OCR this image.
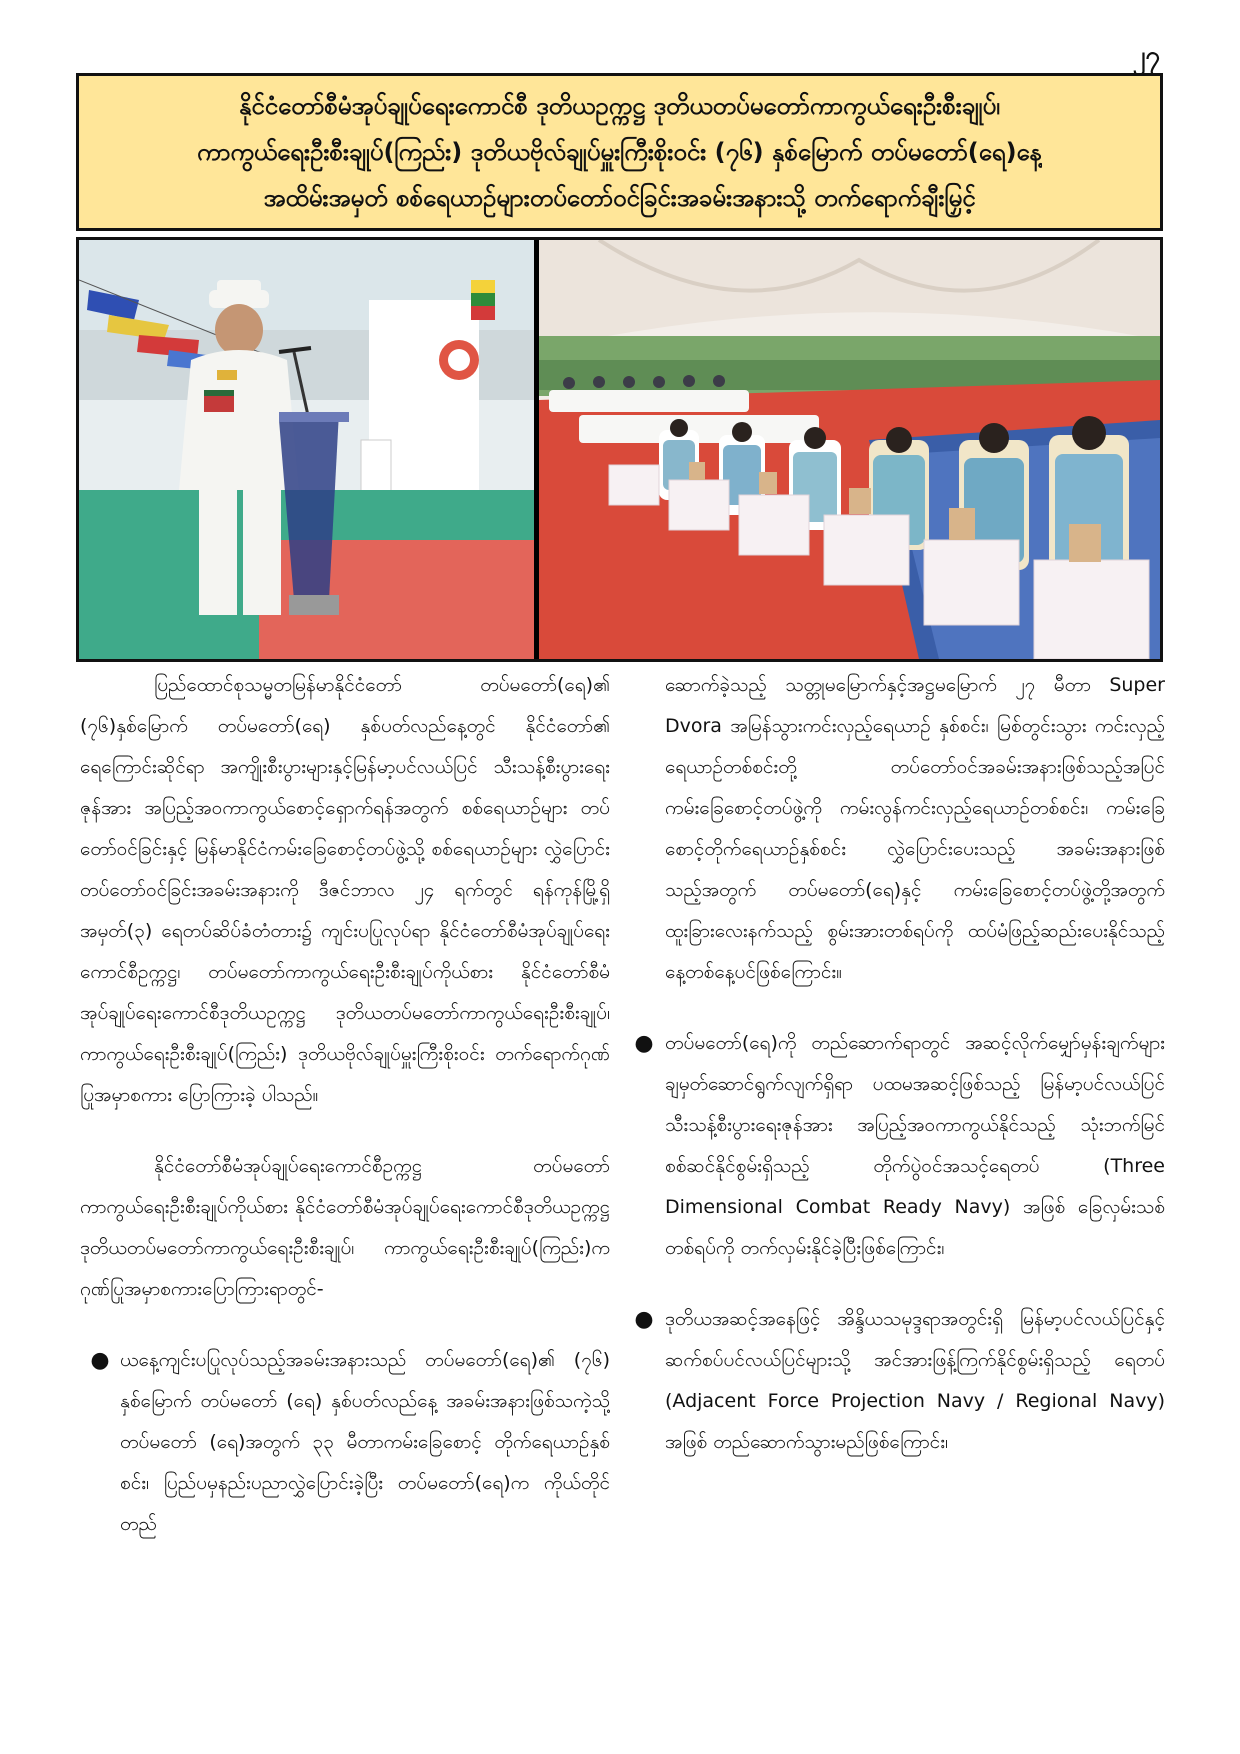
၂၇
နိုင်ငံတော်စီမံအုပ်ချုပ်ရေးကောင်စီ ဒုတိယဥက္ကဋ္ဌ ဒုတိယတပ်မတော်ကာကွယ်ရေးဦးစီးချုပ်၊
ကာကွယ်ရေးဦးစီးချုပ်(ကြည်း) ဒုတိယဗိုလ်ချုပ်မှူးကြီးစိုးဝင်း (၇၆) နှစ်မြောက် တပ်မတော်(ရေ)နေ့
အထိမ်းအမှတ် စစ်ရေယာဉ်များတပ်တော်ဝင်ခြင်းအခမ်းအနားသို့ တက်ရောက်ချီးမြှင့်

ပြည်ထောင်စုသမ္မတမြန်မာနိုင်ငံတော် တပ်မတော်(ရေ)၏ (၇၆)နှစ်မြောက် တပ်မတော်(ရေ) နှစ်ပတ်လည်နေ့တွင် နိုင်ငံတော်၏ ရေကြောင်းဆိုင်ရာ အကျိုးစီးပွားများနှင့်မြန်မာ့ပင်လယ်ပြင် သီးသန့်စီးပွားရေးဇုန်အား အပြည့်အဝကာကွယ်စောင့်ရှောက်ရန်အတွက် စစ်ရေယာဉ်များ တပ်တော်ဝင်ခြင်းနှင့် မြန်မာနိုင်ငံကမ်းခြေစောင့်တပ်ဖွဲ့သို့ စစ်ရေယာဉ်များ လွှဲပြောင်းတပ်တော်ဝင်ခြင်းအခမ်းအနားကို ဒီဇင်ဘာလ ၂၄ ရက်တွင် ရန်ကုန်မြို့ရှိ အမှတ်(၃) ရေတပ်ဆိပ်ခံတံတား၌ ကျင်းပပြုလုပ်ရာ နိုင်ငံတော်စီမံအုပ်ချုပ်ရေးကောင်စီဥက္ကဋ္ဌ၊ တပ်မတော်ကာကွယ်ရေးဦးစီးချုပ်ကိုယ်စား နိုင်ငံတော်စီမံအုပ်ချုပ်ရေးကောင်စီဒုတိယဥက္ကဋ္ဌ ဒုတိယတပ်မတော်ကာကွယ်ရေးဦးစီးချုပ်၊ ကာကွယ်ရေးဦးစီးချုပ်(ကြည်း) ဒုတိယဗိုလ်ချုပ်မှူးကြီးစိုးဝင်း တက်ရောက်ဂုဏ်ပြုအမှာစကား ပြောကြားခဲ့ ပါသည်။

နိုင်ငံတော်စီမံအုပ်ချုပ်ရေးကောင်စီဥက္ကဋ္ဌ တပ်မတော်ကာကွယ်ရေးဦးစီးချုပ်ကိုယ်စား နိုင်ငံတော်စီမံအုပ်ချုပ်ရေးကောင်စီဒုတိယဥက္ကဋ္ဌ ဒုတိယတပ်မတော်ကာကွယ်ရေးဦးစီးချုပ်၊ ကာကွယ်ရေးဦးစီးချုပ်(ကြည်း)က ဂုဏ်ပြုအမှာစကားပြောကြားရာတွင်-

● ယနေ့ကျင်းပပြုလုပ်သည့်အခမ်းအနားသည် တပ်မတော်(ရေ)၏ (၇၆) နှစ်မြောက် တပ်မတော် (ရေ) နှစ်ပတ်လည်နေ့ အခမ်းအနားဖြစ်သကဲ့သို့ တပ်မတော် (ရေ)အတွက် ၃၃ မီတာကမ်းခြေစောင့် တိုက်ရေယာဉ်နှစ်စင်း၊ ပြည်ပမှနည်းပညာလွှဲပြောင်းခဲ့ပြီး တပ်မတော်(ရေ)က ကိုယ်တိုင်တည်

ဆောက်ခဲ့သည့် သတ္တုမမြောက်နှင့်အဋ္ဌမမြောက် ၂၇ မီတာ Super Dvora အမြန်သွားကင်းလှည့်ရေယာဉ် နှစ်စင်း၊ မြစ်တွင်းသွား ကင်းလှည့်ရေယာဉ်တစ်စင်းတို့ တပ်တော်ဝင်အခမ်းအနားဖြစ်သည့်အပြင် ကမ်းခြေစောင့်တပ်ဖွဲ့ကို ကမ်းလွန်ကင်းလှည့်ရေယာဉ်တစ်စင်း၊ ကမ်းခြေစောင့်တိုက်ရေယာဉ်နှစ်စင်း လွှဲပြောင်းပေးသည့် အခမ်းအနားဖြစ်သည့်အတွက် တပ်မတော်(ရေ)နှင့် ကမ်းခြေစောင့်တပ်ဖွဲ့တို့အတွက် ထူးခြားလေးနက်သည့် စွမ်းအားတစ်ရပ်ကို ထပ်မံဖြည့်ဆည်းပေးနိုင်သည့် နေ့တစ်နေ့ပင်ဖြစ်ကြောင်း။

● တပ်မတော်(ရေ)ကို တည်ဆောက်ရာတွင် အဆင့်လိုက်မျှော်မှန်းချက်များ ချမှတ်ဆောင်ရွက်လျက်ရှိရာ ပထမအဆင့်ဖြစ်သည့် မြန်မာ့ပင်လယ်ပြင် သီးသန့်စီးပွားရေးဇုန်အား အပြည့်အဝကာကွယ်နိုင်သည့် သုံးဘက်မြင် စစ်ဆင်နိုင်စွမ်းရှိသည့် တိုက်ပွဲဝင်အသင့်ရေတပ် (Three Dimensional Combat Ready Navy) အဖြစ် ခြေလှမ်းသစ်တစ်ရပ်ကို တက်လှမ်းနိုင်ခဲ့ပြီးဖြစ်ကြောင်း၊

● ဒုတိယအဆင့်အနေဖြင့် အိန္ဒိယသမုဒ္ဒရာအတွင်းရှိ မြန်မာ့ပင်လယ်ပြင်နှင့် ဆက်စပ်ပင်လယ်ပြင်များသို့ အင်အားဖြန့်ကြက်နိုင်စွမ်းရှိသည့် ရေတပ် (Adjacent Force Projection Navy / Regional Navy) အဖြစ် တည်ဆောက်သွားမည်ဖြစ်ကြောင်း၊
